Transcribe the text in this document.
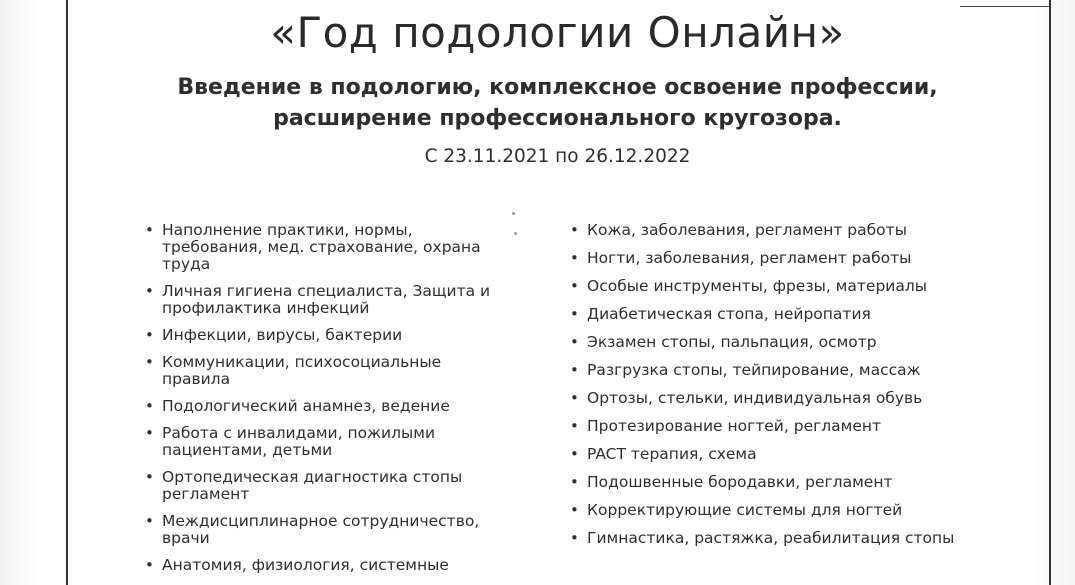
«Год подологии Онлайн»
Введение в подологию, комплексное освоение профессии,
расширение профессионального кругозора.
С 23.11.2021 по 26.12.2022
• Наполнение практики, нормы, требования, мед. страхование, охрана труда
• Личная гигиена специалиста, Защита и профилактика инфекций
• Инфекции, вирусы, бактерии
• Коммуникации, психосоциальные правила
• Подологический анамнез, ведение
• Работа с инвалидами, пожилыми пациентами, детьми
• Ортопедическая диагностика стопы регламент
• Междисциплинарное сотрудничество, врачи
• Анатомия, физиология, системные
• Кожа, заболевания, регламент работы
• Ногти, заболевания, регламент работы
• Особые инструменты, фрезы, материалы
• Диабетическая стопа, нейропатия
• Экзамен стопы, пальпация, осмотр
• Разгрузка стопы, тейпирование, массаж
• Ортозы, стельки, индивидуальная обувь
• Протезирование ногтей, регламент
• PACT терапия, схема
• Подошвенные бородавки, регламент
• Корректирующие системы для ногтей
• Гимнастика, растяжка, реабилитация стопы
